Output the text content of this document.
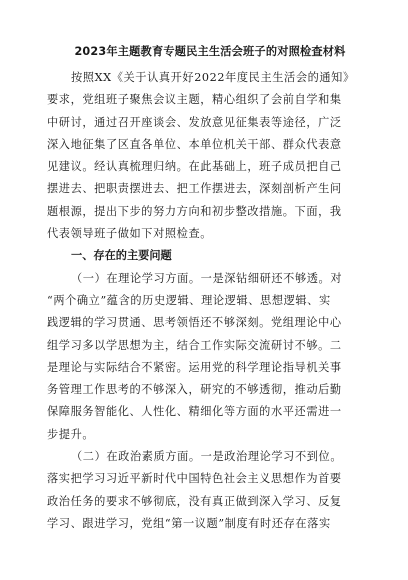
2023年主题教育专题民主生活会班子的对照检查材料
按照XX《关于认真开好2022年度民主生活会的通知》
要求，党组班子聚焦会议主题，精心组织了会前自学和集
中研讨，通过召开座谈会、发放意见征集表等途径，广泛
深入地征集了区直各单位、本单位机关干部、群众代表意
见建议。经认真梳理归纳。在此基础上，班子成员把自己
摆进去、把职责摆进去、把工作摆进去，深刻剖析产生问
题根源，提出下步的努力方向和初步整改措施。下面，我
代表领导班子做如下对照检查。
一、存在的主要问题
（一）在理论学习方面。一是深钻细研还不够透。对
“两个确立”蕴含的历史逻辑、理论逻辑、思想逻辑、实
践逻辑的学习贯通、思考领悟还不够深刻。党组理论中心
组学习多以学思想为主，结合工作实际交流研讨不够。二
是理论与实际结合不紧密。运用党的科学理论指导机关事
务管理工作思考的不够深入，研究的不够透彻，推动后勤
保障服务智能化、人性化、精细化等方面的水平还需进一
步提升。
（二）在政治素质方面。一是政治理论学习不到位。
落实把学习习近平新时代中国特色社会主义思想作为首要
政治任务的要求不够彻底，没有真正做到深入学习、反复
学习、跟进学习，党组“第一议题”制度有时还存在落实
